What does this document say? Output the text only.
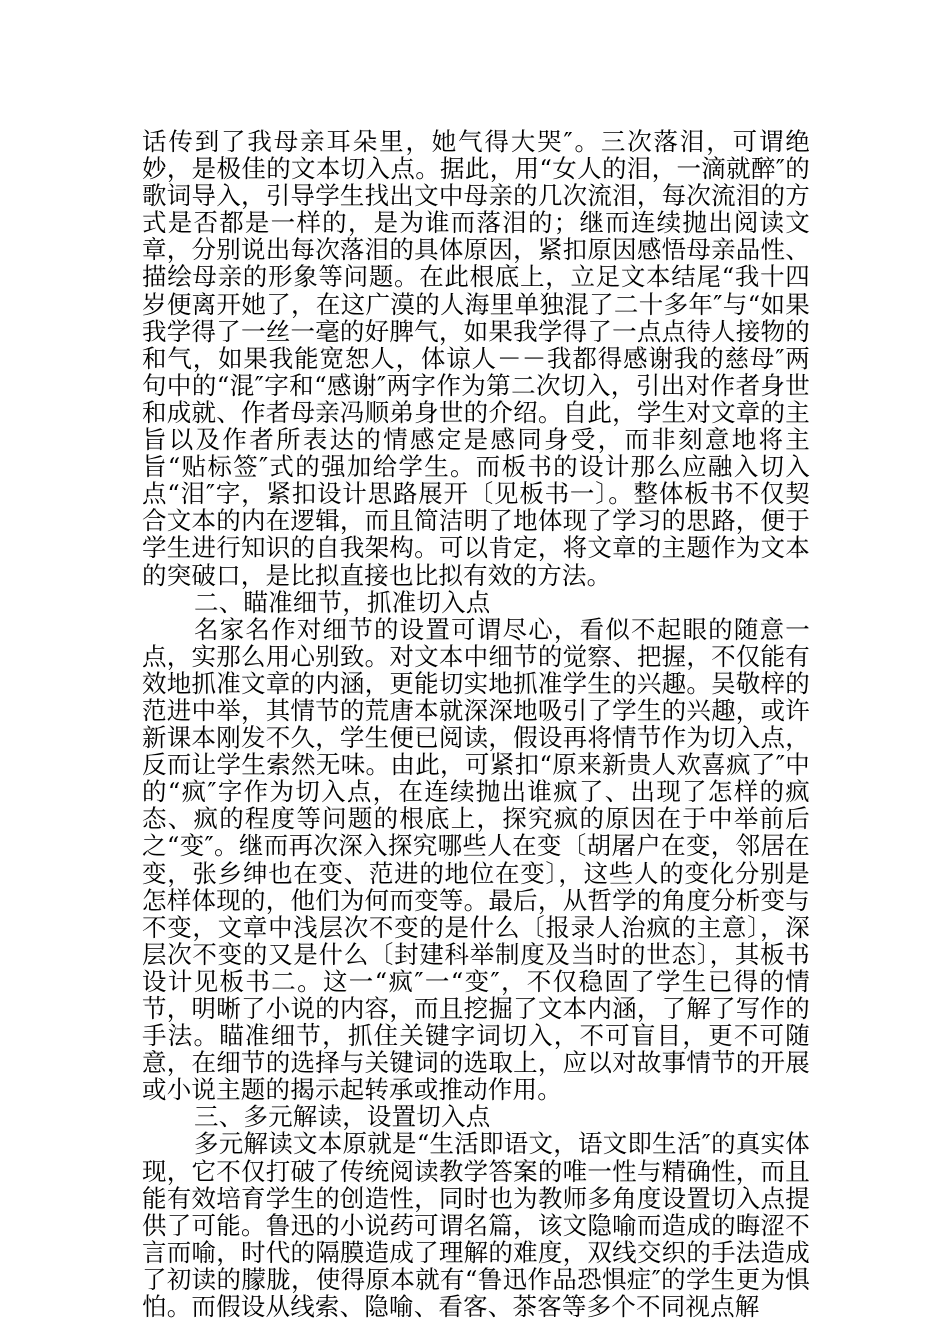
话传到了我母亲耳朵里，她气得大哭″。三次落泪，可谓绝妙，是极佳的文本切入点。据此，用“女人的泪，一滴就醉″的歌词导入，引导学生找出文中母亲的几次流泪，每次流泪的方式是否都是一样的，是为谁而落泪的；继而连续抛出阅读文章，分别说出每次落泪的具体原因，紧扣原因感悟母亲品性、描绘母亲的形象等问题。在此根底上，立足文本结尾“我十四岁便离开她了，在这广漠的人海里单独混了二十多年″与“如果我学得了一丝一毫的好脾气，如果我学得了一点点待人接物的和气，如果我能宽恕人，体谅人－－我都得感谢我的慈母″两句中的“混″字和“感谢″两字作为第二次切入，引出对作者身世和成就、作者母亲冯顺弟身世的介绍。自此，学生对文章的主旨以及作者所表达的情感定是感同身受，而非刻意地将主旨“贴标签″式的强加给学生。而板书的设计那么应融入切入点“泪″字，紧扣设计思路展开〔见板书一〕。整体板书不仅契合文本的内在逻辑，而且简洁明了地体现了学习的思路，便于学生进行知识的自我架构。可以肯定，将文章的主题作为文本的突破口，是比拟直接也比拟有效的方法。

二、瞄准细节，抓准切入点

名家名作对细节的设置可谓尽心，看似不起眼的随意一点，实那么用心别致。对文本中细节的觉察、把握，不仅能有效地抓准文章的内涵，更能切实地抓准学生的兴趣。吴敬梓的范进中举，其情节的荒唐本就深深地吸引了学生的兴趣，或许新课本刚发不久，学生便已阅读，假设再将情节作为切入点，反而让学生索然无味。由此，可紧扣“原来新贵人欢喜疯了″中的“疯″字作为切入点，在连续抛出谁疯了、出现了怎样的疯态、疯的程度等问题的根底上，探究疯的原因在于中举前后之“变″。继而再次深入探究哪些人在变〔胡屠户在变，邻居在变，张乡绅也在变、范进的地位在变〕，这些人的变化分别是怎样体现的，他们为何而变等。最后，从哲学的角度分析变与不变，文章中浅层次不变的是什么〔报录人治疯的主意〕，深层次不变的又是什么〔封建科举制度及当时的世态〕，其板书设计见板书二。这一“疯″一“变″，不仅稳固了学生已得的情节，明晰了小说的内容，而且挖掘了文本内涵，了解了写作的手法。瞄准细节，抓住关键字词切入，不可盲目，更不可随意，在细节的选择与关键词的选取上，应以对故事情节的开展或小说主题的揭示起转承或推动作用。

三、多元解读，设置切入点

多元解读文本原就是“生活即语文，语文即生活″的真实体现，它不仅打破了传统阅读教学答案的唯一性与精确性，而且能有效培育学生的创造性，同时也为教师多角度设置切入点提供了可能。鲁迅的小说药可谓名篇，该文隐喻而造成的晦涩不言而喻，时代的隔膜造成了理解的难度，双线交织的手法造成了初读的朦胧，使得原本就有“鲁迅作品恐惧症″的学生更为惧怕。而假设从线索、隐喻、看客、茶客等多个不同视点解
